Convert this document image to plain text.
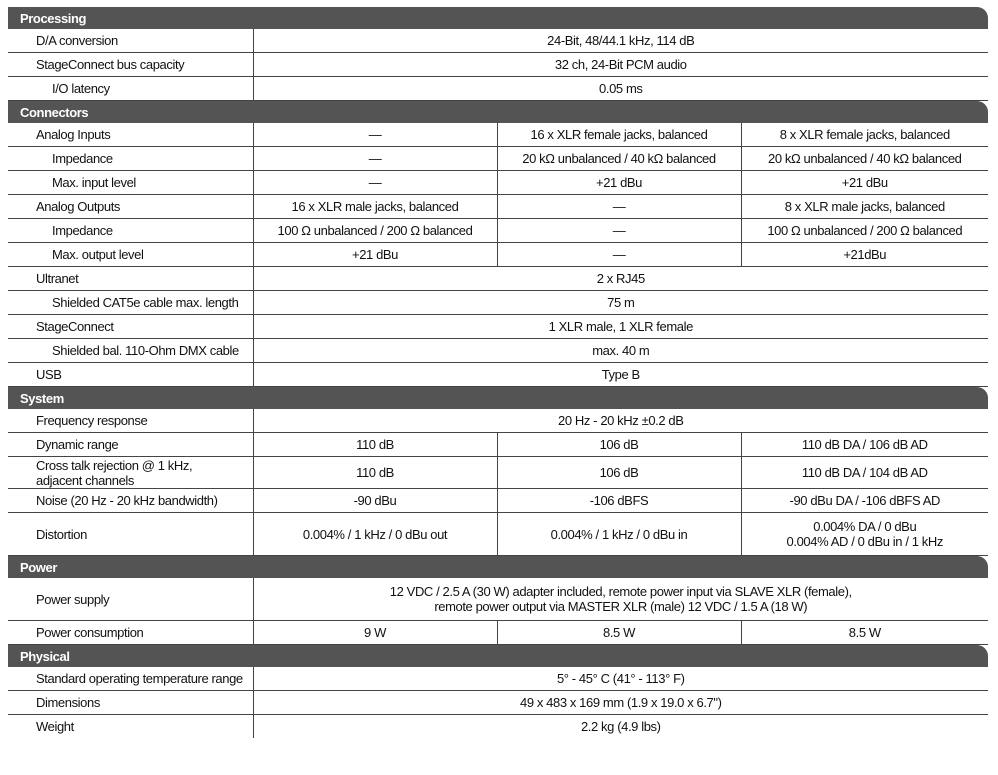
Processing			
D/A conversion	24-Bit, 48/44.1 kHz, 114 dB		
StageConnect bus capacity	32 ch, 24-Bit PCM audio		
I/O latency	0.05 ms		
Connectors			
Analog Inputs	—	16 x XLR female jacks, balanced	8 x XLR female jacks, balanced
Impedance	—	20 kΩ unbalanced / 40 kΩ balanced	20 kΩ unbalanced / 40 kΩ balanced
Max. input level	—	+21 dBu	+21 dBu
Analog Outputs	16 x XLR male jacks, balanced	—	8 x XLR male jacks, balanced
Impedance	100 Ω unbalanced / 200 Ω balanced	—	100 Ω unbalanced / 200 Ω balanced
Max. output level	+21 dBu	—	+21dBu
Ultranet	2 x RJ45		
Shielded CAT5e cable max. length	75 m		
StageConnect	1 XLR male, 1 XLR female		
Shielded bal. 110-Ohm DMX cable	max. 40 m		
USB	Type B		
System			
Frequency response	20 Hz - 20 kHz ±0.2 dB		
Dynamic range	110 dB	106 dB	110 dB DA / 106 dB AD
Cross talk rejection @ 1 kHz,
adjacent channels	110 dB	106 dB	110 dB DA / 104 dB AD
Noise (20 Hz - 20 kHz bandwidth)	-90 dBu	-106 dBFS	-90 dBu DA / -106 dBFS AD
Distortion	0.004% / 1 kHz / 0 dBu out	0.004% / 1 kHz / 0 dBu in	0.004% DA / 0 dBu
0.004% AD / 0 dBu in / 1 kHz

Power			
Power supply	12 VDC / 2.5 A (30 W) adapter included, remote power input via SLAVE XLR (female),
remote power output via MASTER XLR (male) 12 VDC / 1.5 A (18 W)		

Power consumption	9 W	8.5 W	8.5 W
Physical			
Standard operating temperature range	5° - 45° C (41° - 113° F)		
Dimensions	49 x 483 x 169 mm (1.9 x 19.0 x 6.7")		
Weight	2.2 kg (4.9 lbs)		
